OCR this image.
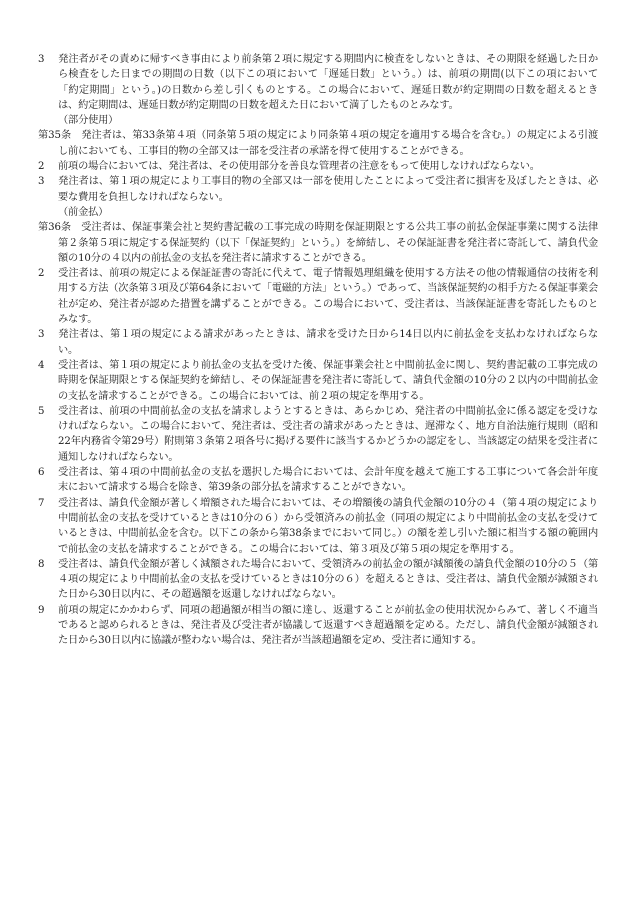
3 発注者がその責めに帰すべき事由により前条第２項に規定する期間内に検査をしないときは、その期限を経過した日から検査をした日までの期間の日数（以下この項において「遅延日数」という。）は、前項の期間(以下この項において「約定期間」という。)の日数から差し引くものとする。この場合において、遅延日数が約定期間の日数を超えるときは、約定期間は、遅延日数が約定期間の日数を超えた日において満了したものとみなす。

（部分使用）

第35条　 発注者は、第33条第４項（同条第５項の規定により同条第４項の規定を適用する場合を含む。）の規定による引渡し前においても、工事目的物の全部又は一部を受注者の承諾を得て使用することができる。

2 前項の場合においては、発注者は、その使用部分を善良な管理者の注意をもって使用しなければならない。

3 発注者は、第１項の規定により工事目的物の全部又は一部を使用したことによって受注者に損害を及ぼしたときは、必要な費用を負担しなければならない。

（前金払）

第36条　 受注者は、保証事業会社と契約書記載の工事完成の時期を保証期限とする公共工事の前払金保証事業に関する法律第２条第５項に規定する保証契約（以下「保証契約」という。）を締結し、その保証証書を発注者に寄託して、請負代金額の10分の４以内の前払金の支払を発注者に請求することができる。

2 受注者は、前項の規定による保証証書の寄託に代えて、電子情報処理組織を使用する方法その他の情報通信の技術を利用する方法（次条第３項及び第64条において「電磁的方法」という。）であって、当該保証契約の相手方たる保証事業会社が定め、発注者が認めた措置を講ずることができる。この場合において、受注者は、当該保証証書を寄託したものとみなす。

3 発注者は、第１項の規定による請求があったときは、請求を受けた日から14日以内に前払金を支払わなければならない。

4 受注者は、第１項の規定により前払金の支払を受けた後、保証事業会社と中間前払金に関し、契約書記載の工事完成の時期を保証期限とする保証契約を締結し、その保証証書を発注者に寄託して、請負代金額の10分の２以内の中間前払金の支払を請求することができる。この場合においては、前２項の規定を準用する。

5 受注者は、前項の中間前払金の支払を請求しようとするときは、あらかじめ、発注者の中間前払金に係る認定を受けなければならない。この場合において、発注者は、受注者の請求があったときは、遅滞なく、地方自治法施行規則（昭和22年内務省令第29号）附則第３条第２項各号に掲げる要件に該当するかどうかの認定をし、当該認定の結果を受注者に通知しなければならない。

6 受注者は、第４項の中間前払金の支払を選択した場合においては、会計年度を越えて施工する工事について各会計年度末において請求する場合を除き、第39条の部分払を請求することができない。

7 受注者は、請負代金額が著しく増額された場合においては、その増額後の請負代金額の10分の４（第４項の規定により中間前払金の支払を受けているときは10分の６）から受領済みの前払金（同項の規定により中間前払金の支払を受けているときは、中間前払金を含む。以下この条から第38条までにおいて同じ。）の額を差し引いた額に相当する額の範囲内で前払金の支払を請求することができる。この場合においては、第３項及び第５項の規定を準用する。

8 受注者は、請負代金額が著しく減額された場合において、受領済みの前払金の額が減額後の請負代金額の10分の５（第４項の規定により中間前払金の支払を受けているときは10分の６）を超えるときは、受注者は、請負代金額が減額された日から30日以内に、その超過額を返還しなければならない。

9 前項の規定にかかわらず、同項の超過額が相当の額に達し、返還することが前払金の使用状況からみて、著しく不適当であると認められるときは、発注者及び受注者が協議して返還すべき超過額を定める。ただし、請負代金額が減額された日から30日以内に協議が整わない場合は、発注者が当該超過額を定め、受注者に通知する。
